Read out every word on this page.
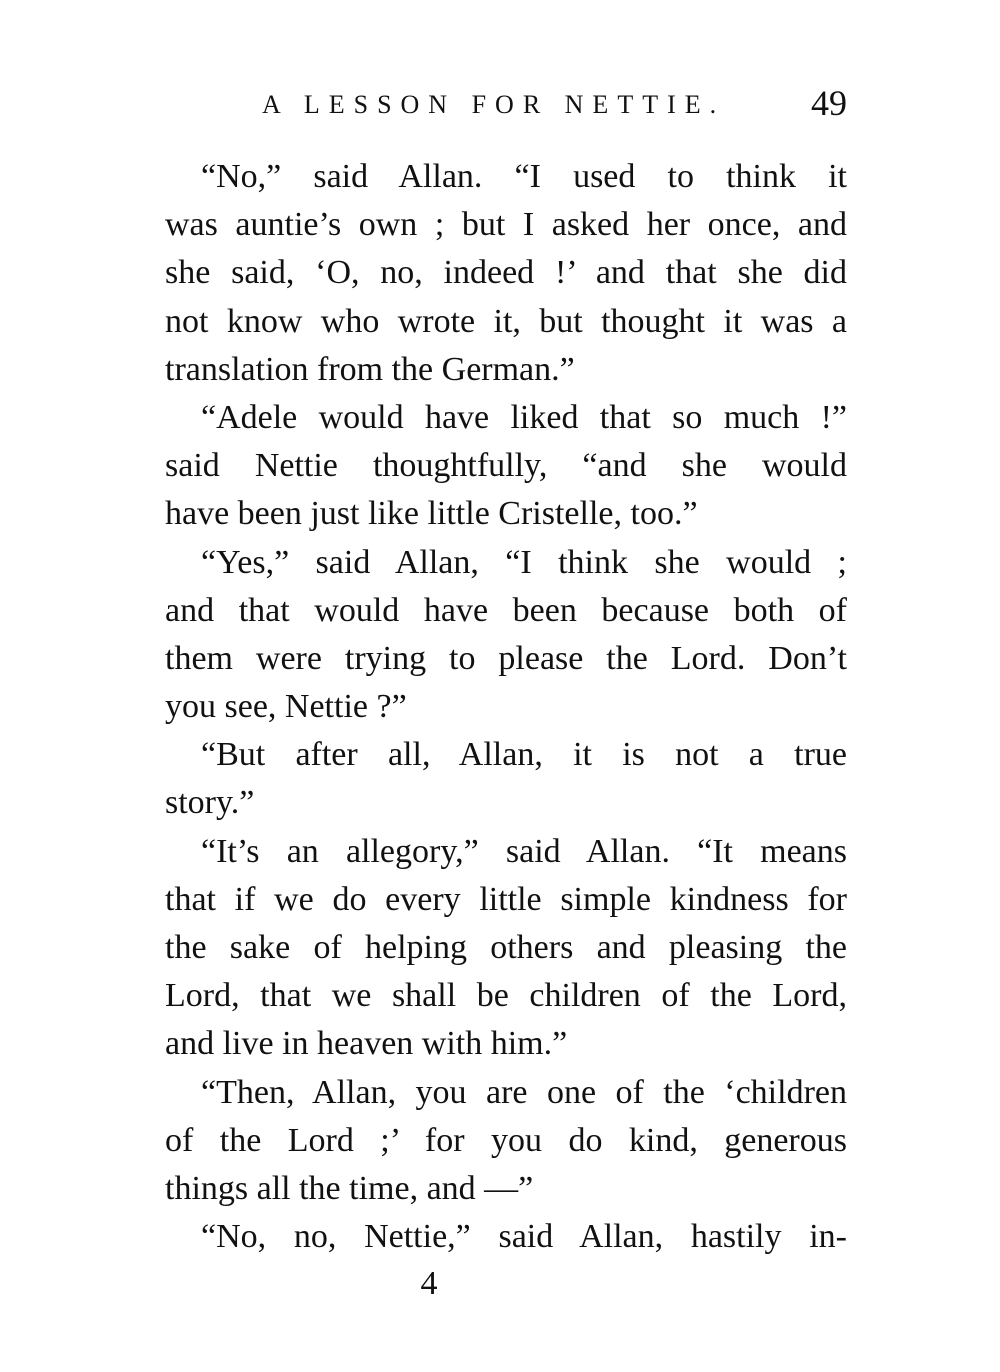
A LESSON FOR NETTIE. 49
“No,” said Allan. “I used to think it
was auntie’s own ; but I asked her once, and
she said, ‘O, no, indeed !’ and that she did
not know who wrote it, but thought it was a
translation from the German.”
“Adele would have liked that so much !”
said Nettie thoughtfully, “and she would
have been just like little Cristelle, too.”
“Yes,” said Allan, “I think she would ;
and that would have been because both of
them were trying to please the Lord. Don’t
you see, Nettie ?”
“But after all, Allan, it is not a true
story.”
“It’s an allegory,” said Allan. “It means
that if we do every little simple kindness for
the sake of helping others and pleasing the
Lord, that we shall be children of the Lord,
and live in heaven with him.”
“Then, Allan, you are one of the ‘children
of the Lord ;’ for you do kind, generous
things all the time, and —”
“No, no, Nettie,” said Allan, hastily in-
4
